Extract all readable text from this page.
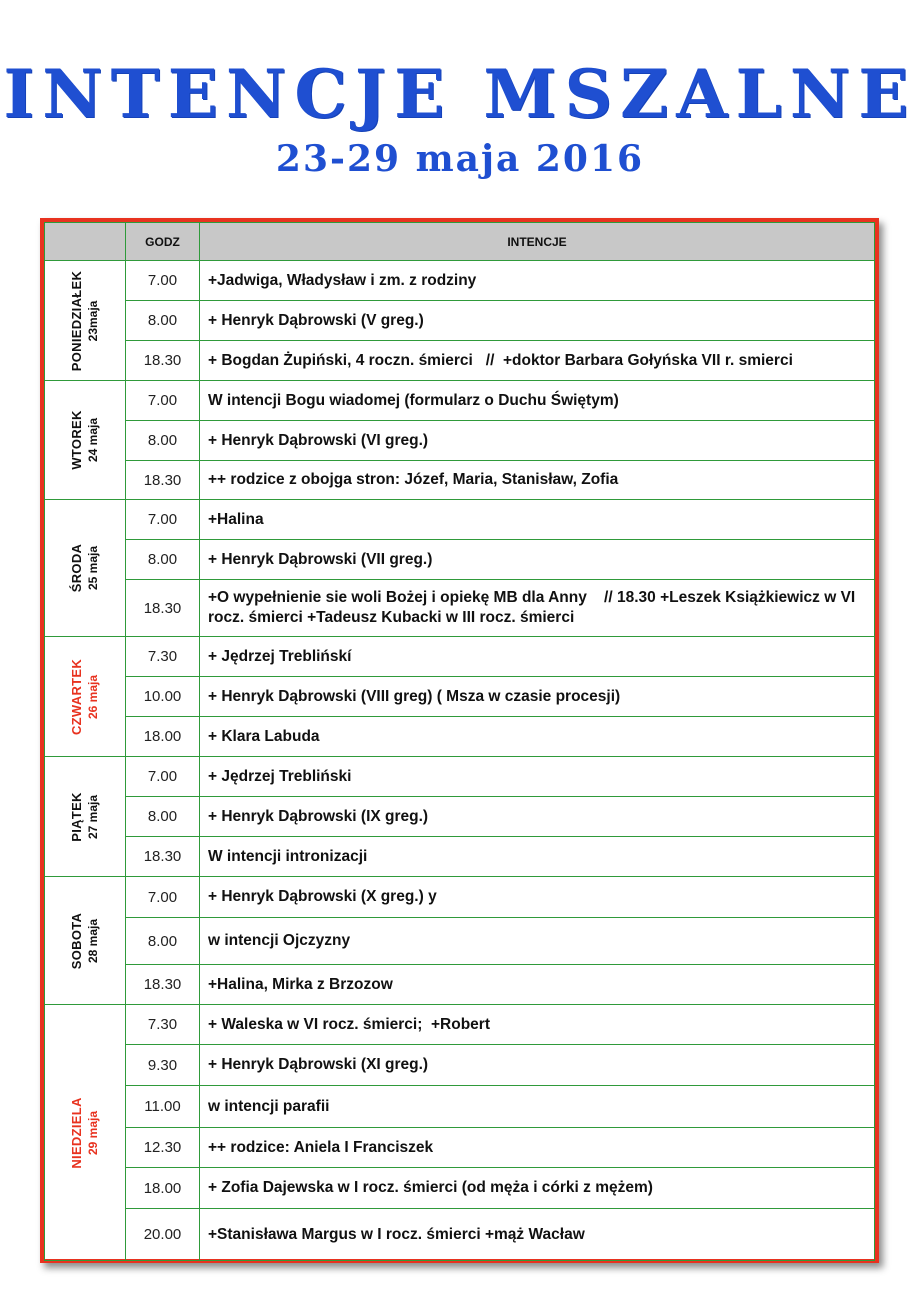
INTENCJE MSZALNE
23-29 maja 2016
	GODZ	INTENCJE

PONIEDZIAŁEK 23maja	7.00	+Jadwiga, Władysław i zm. z rodziny
	8.00	+ Henryk Dąbrowski (V greg.)
	18.30	+ Bogdan Żupiński, 4 roczn. śmierci   //  +doktor Barbara Gołyńska VII r. smierci

WTOREK 24 maja	7.00	W intencji Bogu wiadomej (formularz o Duchu Świętym)
	8.00	+ Henryk Dąbrowski (VI greg.)
	18.30	++ rodzice z obojga stron: Józef, Maria, Stanisław, Zofia

ŚRODA 25 maja	7.00	+Halina
	8.00	+ Henryk Dąbrowski (VII greg.)
	18.30	+O wypełnienie sie woli Bożej i opiekę MB dla Anny    // 18.30 +Leszek Książkiewicz w VI rocz. śmierci +Tadeusz Kubacki w III rocz. śmierci

CZWARTEK 26 maja	7.30	+ Jędrzej Treblińskí
	10.00	+ Henryk Dąbrowski (VIII greg) ( Msza w czasie procesji)
	18.00	+ Klara Labuda

PIĄTEK 27 maja	7.00	+ Jędrzej Trebliński
	8.00	+ Henryk Dąbrowski (IX greg.)
	18.30	W intencji intronizacji

SOBOTA 28 maja	7.00	+ Henryk Dąbrowski (X greg.) y
	8.00	w intencji Ojczyzny
	18.30	+Halina, Mirka z Brzozow

NIEDZIELA 29 maja	7.30	+ Waleska w VI rocz. śmierci;  +Robert
	9.30	+ Henryk Dąbrowski (XI greg.)
	11.00	w intencji parafii
	12.30	++ rodzice: Aniela I Franciszek
	18.00	+ Zofia Dajewska w I rocz. śmierci (od męża i córki z mężem)
	20.00	+Stanisława Margus w I rocz. śmierci +mąż Wacław
